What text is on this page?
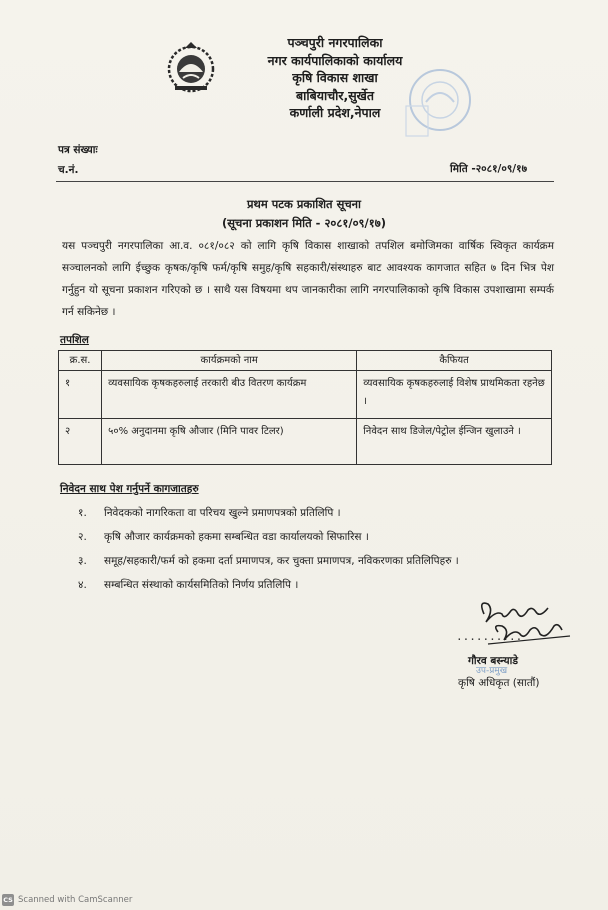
पञ्चपुरी नगरपालिका
नगर कार्यपालिकाको कार्यालय
कृषि विकास शाखा
बाबियाचौर,सुर्खेत
कर्णाली प्रदेश,नेपाल
पत्र संख्याः
च.नं.	मिति -२०८१/०९/१७
प्रथम पटक प्रकाशित सूचना
(सूचना प्रकाशन मिति - २०८१/०९/१७)
यस पञ्चपुरी नगरपालिका आ.व. ०८१/०८२ को लागि कृषि विकास शाखाको तपशिल बमोजिमका वार्षिक स्विकृत कार्यक्रम सञ्चालनको लागि ईच्छुक कृषक/कृषि फर्म/कृषि समुह/कृषि सहकारी/संस्थाहरु बाट आवश्यक कागजात सहित ७ दिन भित्र पेश गर्नुहुन यो सूचना प्रकाशन गरिएको छ । साथै यस विषयमा थप जानकारीका लागि नगरपालिकाको कृषि विकास उपशाखामा सम्पर्क गर्न सकिनेछ ।
तपशिल
क्र.स.	कार्यक्रमको नाम	कैफियत
१	व्यवसायिक कृषकहरुलाई तरकारी बीउ वितरण कार्यक्रम	व्यवसायिक कृषकहरुलाई विशेष प्राथमिकता रहनेछ ।
२	५०% अनुदानमा कृषि औजार (मिनि पावर टिलर)	निवेदन साथ डिजेल/पेट्रोल ईन्जिन खुलाउने ।
निवेदन साथ पेश गर्नुपर्ने कागजातहरु
१. निवेदकको नागरिकता वा परिचय खुल्ने प्रमाणपत्रको प्रतिलिपि ।
२. कृषि औजार कार्यक्रमको हकमा सम्बन्धित वडा कार्यालयको सिफारिस ।
३. समूह/सहकारी/फर्म को हकमा दर्ता प्रमाणपत्र, कर चुक्ता प्रमाणपत्र, नविकरणका प्रतिलिपिहरु ।
४. सम्बन्धित संस्थाको कार्यसमितिको निर्णय प्रतिलिपि ।
..........
उप-प्रमुख
गौरव बस्न्याडे
कृषि अधिकृत (सातौं)
CS Scanned with CamScanner
